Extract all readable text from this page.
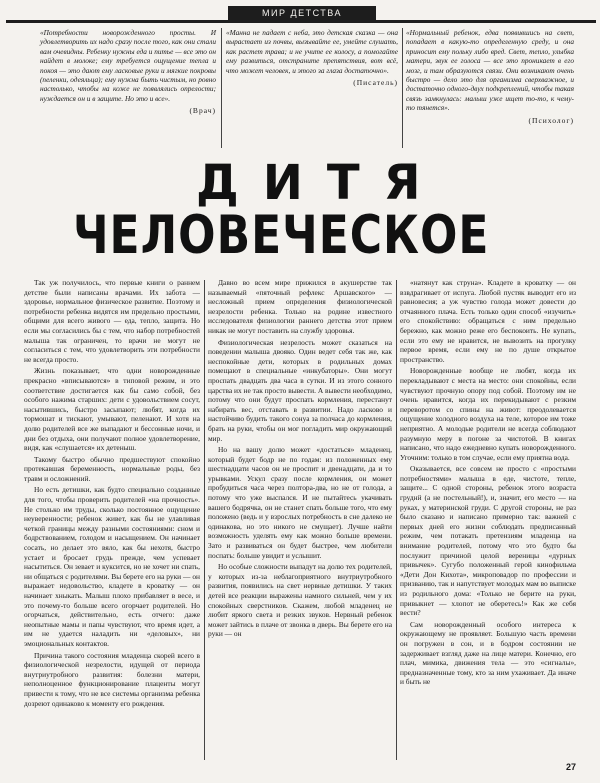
МИР ДЕТСТВА
«Потребности новорожденного просты. И удовлетворить их надо сразу после того, как они стали вам очевидны. Ребенку нужны еда и питье — все это он найдет в молоке; ему требуется ощущение тепла и покоя — это дают ему ласковые руки и мягкие покровы (пеленки, одеяльца); ему нужна быть чистым, но ровно настолько, чтобы на коже не появлялись опрелости; нуждается он и в защите. Но это и все».
(Врач)
«Манна не падает с неба, это детская сказка — она вырастает из почвы, вызывайте ее, умейте слушать, как растет трава; и не учите ее колосу, а помогайте ему развиться, отстраните препятствия, вот всё, что может человек, и этого за глаза достаточно».
(Писатель)
«Нормальный ребенок, едва появившись на свет, попадает в какую-то определенную среду, и она приносит ему польку либо вред. Свет, тепло, улыбка матери, звук ее голоса — все это проникает в его мозг, и там образуются связи. Они возникают очень быстро — дело это для организма сверхважное, и достаточно одного-двух подкреплений, чтобы такая связь замкнулась: малыш уже ищет то-то, к чему-то тянется».
(Психолог)
ДИТЯ
ЧЕЛОВЕЧЕСКОЕ

Так уж получилось, что первые книги о раннем детстве были написаны врачами. Их забота — здоровье, нормальное физическое развитие. Поэтому и потребности ребенка видятся им предельно простыми, общими для всего живого — еда, тепло, защита. Но если мы согласились бы с тем, что набор потребностей малыша так ограничен, то врачи не могут не согласиться с тем, что удовлетворить эти потребности не всегда просто.

Жизнь показывает, что одни новорожденные прекрасно «вписываются» в типовой режим, и это соответствие достигается как бы само собой, без особого нажима старших: дети с удовольствием сосут, насытившись, быстро засыпают; любят, когда их тормошат и тискают, умывают, пеленают. И хотя на долю родителей все же выпадают и бессонные ночи, и дни без отдыха, они получают полное удовлетворение, видя, как «слушается» их детеныш.

Такому быстро обычно предшествуют спокойно протекавшая беременность, нормальные роды, без травм и осложнений.

Но есть детишки, как будто специально созданные для того, чтобы проверить родителей «на прочность». Не столько им труды, сколько постоянное ощущение неуверенности; ребенок живет, как бы не улавливая четкой границы между разными состояниями: сном и бодрствованием, голодом и насыщением. Он начинает сосать, но делает это вяло, как бы нехотя, быстро устает и бросает грудь прежде, чем успевает насытиться. Он зевает и куксится, но не хочет ни спать, ни общаться с родителями. Вы берете его на руки — он выражает недовольство, кладете в кроватку — он начинает хныкать. Малыш плохо прибавляет в весе, и это почему-то больше всего огорчает родителей. Но огорчаться, действительно, есть отчего: даже неопытные мамы и папы чувствуют, что время идет, а им не удается наладить ни «деловых», ни эмоциональных контактов.

Причина такого состояния младенца скорей всего в физиологической незрелости, идущей от периода внутриутробного развития: болезни матери, неполноценное функционирование плаценты могут привести к тому, что не все системы организма ребенка дозреют одинаково к моменту его рождения.

Давно во всем мире прижился в акушерстве так называемый «пяточный рефлекс Аршавского» — несложный прием определения физиологической незрелости ребенка. Только на родине известного исследователя физиологии раннего детства этот прием никак не могут поставить на службу здоровья.

Физиологическая незрелость может сказаться на поведении малыша двояко. Один ведет себя так же, как неспокойные дети, которых в родильных домах помещают в специальные «инкубаторы». Они могут проспать двадцать два часа в сутки. И из этого сонного царства их не так просто вывести. А вывести необходимо, потому что они будут проспать кормления, перестанут набирать вес, отставать в развитии. Надо ласково и настойчиво будить такого сонуа за полчаса до кормления, брать на руки, чтобы он мог погладить мир окружающий мир.

Но на вашу долю может «достаться» младенец, который будет бодр не по годам: из положенных ему шестнадцати часов он не проспит и двенадцати, да и то урывками. Ускул сразу после кормления, он может пробудиться часа через полтора-два, но не от голода, а потому что уже выспался. И не пытайтесь укачивать вашего бодрячка, он не станет спать больше того, что ему положено (ведь и у взрослых потребность в сне далеко не одинакова, но это никого не смущает). Лучше найти возможность уделять ему как можно больше времени. Зато и развиваться он будет быстрее, чем любители поспать: больше увидит и услышит.

Но особые сложности выпадут на долю тех родителей, у которых из-за неблагоприятного внутриутробного развития, появились на свет нервные детишки. У таких детей все реакции выражены намного сильней, чем у их спокойных сверстников. Скажем, любой младенец не любит яркого света и резких звуков. Нервный ребенок может зайтись в плаче от звонка в дверь. Вы берете его на руки — он

«натянут как струна». Кладете в кроватку — он взвдрагивает от испуга. Любой пустяк выводит его из равновесия; а уж чувство голода может довести до отчаянного плача. Есть только один способ «изучить» его спокойствию: обращаться с ним предельно бережно, как можно реже его беспокоить. Не купать, если это ему не нравится, не вывозить на прогулку первое время, если ему не по душе открытое пространство.

Новорожденные вообще не любят, когда их перекладывают с места на место: они спокойны, если чувствуют прочную опору под собой. Поэтому им не очень нравится, когда их перекидывают с резким переворотом со спины на живот: преодолевается ощущение холодного воздуха на теле, которое им тоже неприятно. А молодые родители не всегда соблюдают разумную меру в погоне за чистотой. В книгах написано, что надо ежедневно купать новорожденного. Угочним: только в том случае, если ему приятна вода.

Оказывается, все совсем не просто с «простыми потребностями» малыша в еде, чистоте, тепле, защите... С одной стороны, ребенок этого возраста груднй (а не постельный!), и, значит, его место — на руках, у материнской груди. С другой стороны, не раз было сказано и написано примерно так: важней с первых дней его жизни соблюдать предписанный режим, чем потакать претензиям младенца на внимание родителей, потому что это будто бы послужит причиной целой вереницы «дурных привычек». Сугубо положенный герой кинофильма «Дети Дон Кихота», микроповадор по профессии и призванию, так и напутствует молодых мам во выписке из родильного дома: «Только не берите на руки, привыкнет — хлопот не оберетесь!» Как же себя вести?

Сам новорожденный особого интереса к окружающему не проявляет. Большую часть времени он погружен в сон, и в бодром состоянии не задерживает взгляд даже на лице матери. Конечно, его плач, мимика, движения тела — это «сигналы», предназначенные тому, кто за ним ухаживает. Да иначе и быть не

27
